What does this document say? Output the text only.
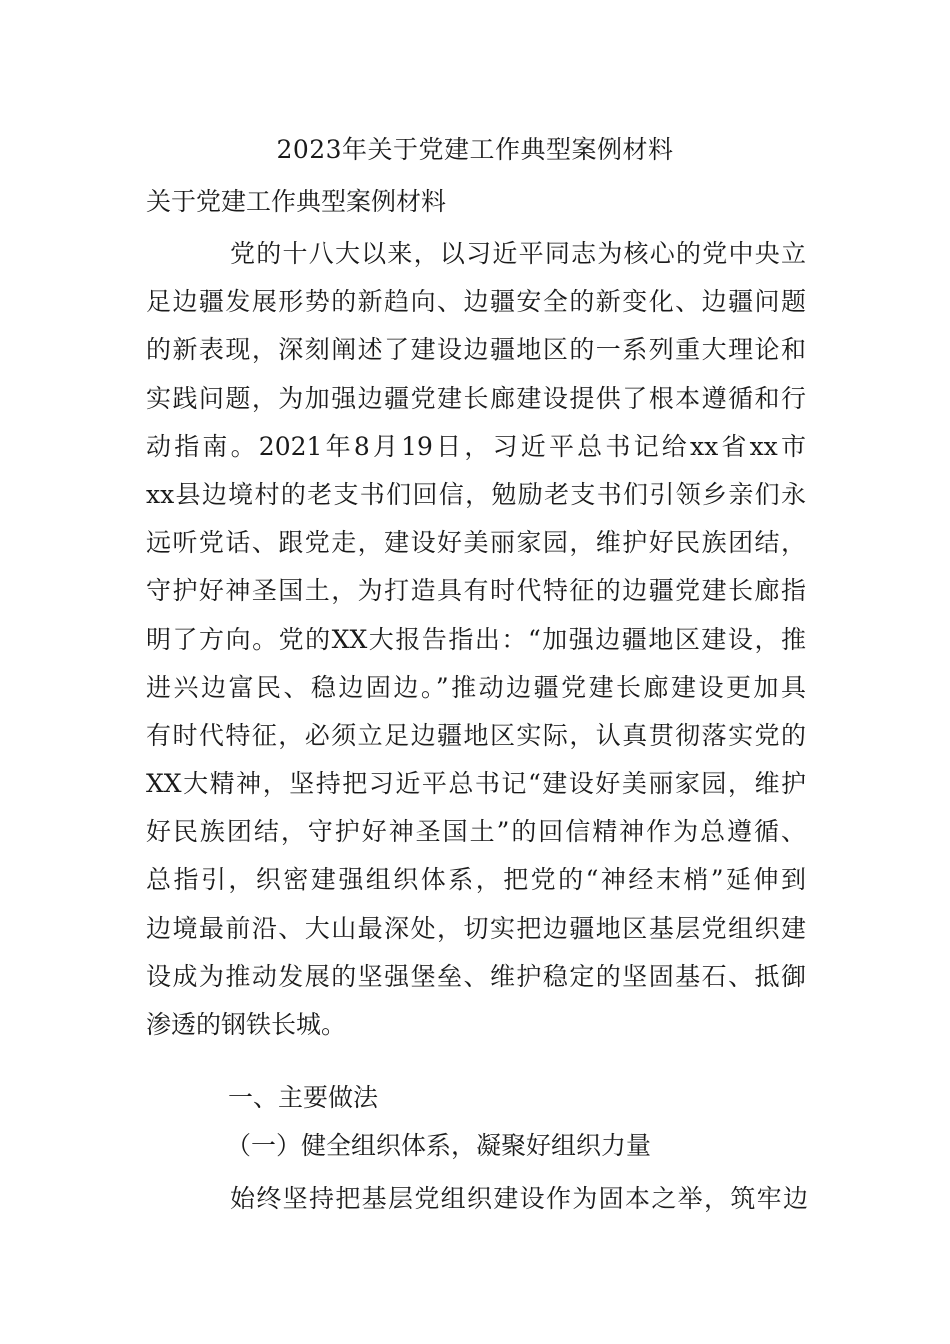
2023年关于党建工作典型案例材料
关于党建工作典型案例材料
党的十八大以来，以习近平同志为核心的党中央立
足边疆发展形势的新趋向、边疆安全的新变化、边疆问题
的新表现，深刻阐述了建设边疆地区的一系列重大理论和
实践问题，为加强边疆党建长廊建设提供了根本遵循和行
动指南。2021年8月19日，习近平总书记给xx省xx市
xx县边境村的老支书们回信，勉励老支书们引领乡亲们永
远听党话、跟党走，建设好美丽家园，维护好民族团结，
守护好神圣国土，为打造具有时代特征的边疆党建长廊指
明了方向。党的XX大报告指出：“加强边疆地区建设，推
进兴边富民、稳边固边。”推动边疆党建长廊建设更加具
有时代特征，必须立足边疆地区实际，认真贯彻落实党的
XX大精神，坚持把习近平总书记“建设好美丽家园，维护
好民族团结，守护好神圣国土”的回信精神作为总遵循、
总指引，织密建强组织体系，把党的“神经末梢”延伸到
边境最前沿、大山最深处，切实把边疆地区基层党组织建
设成为推动发展的坚强堡垒、维护稳定的坚固基石、抵御
渗透的钢铁长城。
一、主要做法
（一）健全组织体系，凝聚好组织力量
始终坚持把基层党组织建设作为固本之举，筑牢边
